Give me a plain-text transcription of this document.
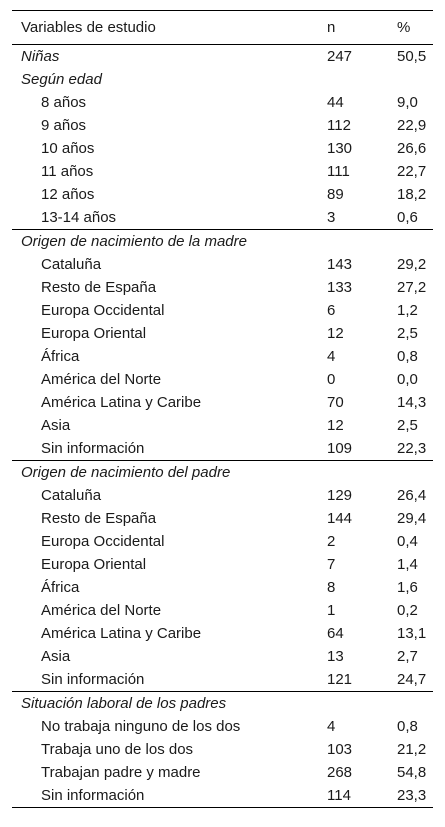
Variables de estudio	n	%
Niñas	247	50,5
Según edad		
8 años	44	9,0
9 años	112	22,9
10 años	130	26,6
11 años	111	22,7
12 años	89	18,2
13-14 años	3	0,6
Origen de nacimiento de la madre		
Cataluña	143	29,2
Resto de España	133	27,2
Europa Occidental	6	1,2
Europa Oriental	12	2,5
África	4	0,8
América del Norte	0	0,0
América Latina y Caribe	70	14,3
Asia	12	2,5
Sin información	109	22,3
Origen de nacimiento del padre		
Cataluña	129	26,4
Resto de España	144	29,4
Europa Occidental	2	0,4
Europa Oriental	7	1,4
África	8	1,6
América del Norte	1	0,2
América Latina y Caribe	64	13,1
Asia	13	2,7
Sin información	121	24,7
Situación laboral de los padres		
No trabaja ninguno de los dos	4	0,8
Trabaja uno de los dos	103	21,2
Trabajan padre y madre	268	54,8
Sin información	114	23,3
